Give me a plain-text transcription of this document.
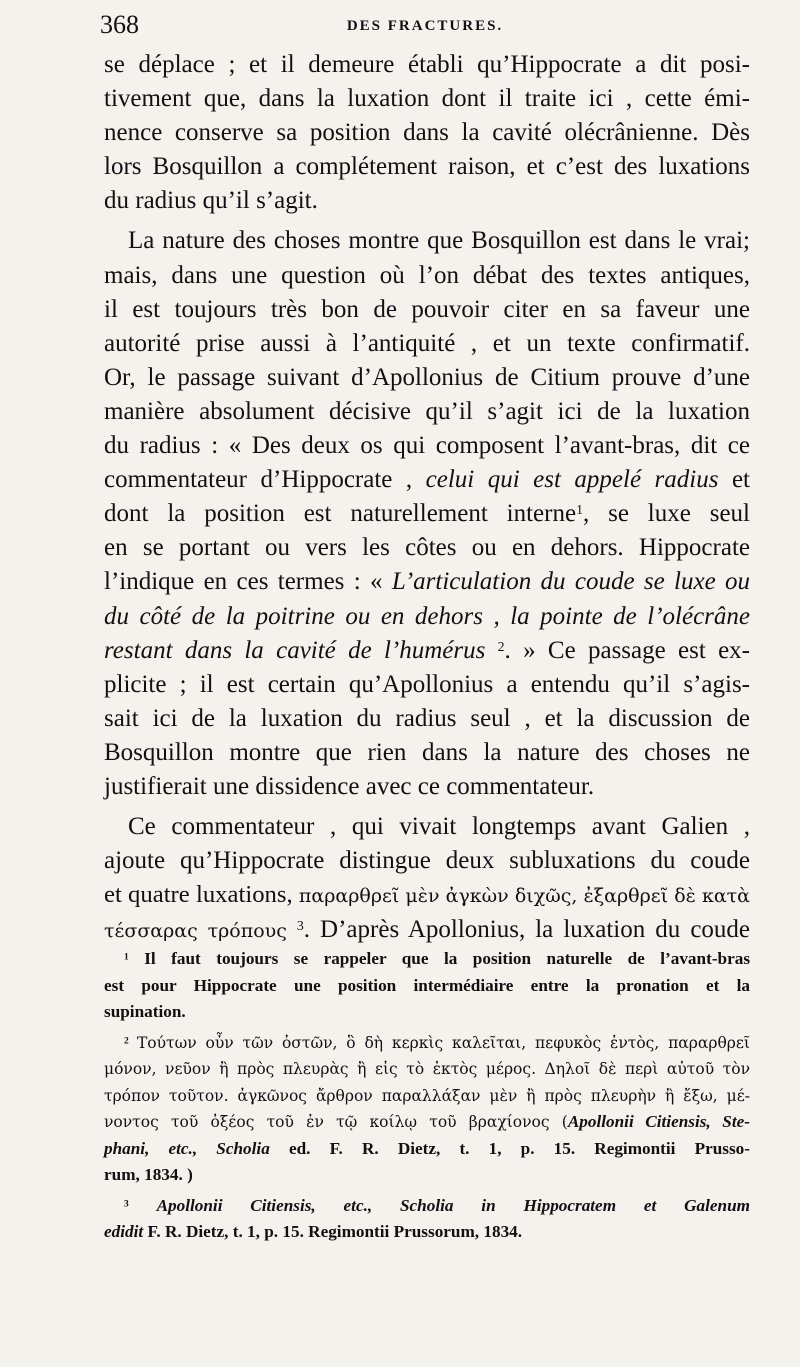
368	DES FRACTURES.
se déplace ; et il demeure établi qu’Hippocrate a dit posi-
tivement que, dans la luxation dont il traite ici , cette émi-
nence conserve sa position dans la cavité olécrânienne. Dès
lors Bosquillon a complétement raison, et c’est des luxations
du radius qu’il s’agit.
La nature des choses montre que Bosquillon est dans le vrai;
mais, dans une question où l’on débat des textes antiques,
il est toujours très bon de pouvoir citer en sa faveur une
autorité prise aussi à l’antiquité , et un texte confirmatif.
Or, le passage suivant d’Apollonius de Citium prouve d’une
manière absolument décisive qu’il s’agit ici de la luxation
du radius : « Des deux os qui composent l’avant-bras, dit ce
commentateur d’Hippocrate , celui qui est appelé radius et
dont la position est naturellement interne$^1$, se luxe seul
en se portant ou vers les côtes ou en dehors. Hippocrate
l’indique en ces termes : « L’articulation du coude se luxe ou
du côté de la poitrine ou en dehors , la pointe de l’olécrâne
restant dans la cavité de l’humérus $^2$. » Ce passage est ex-
plicite ; il est certain qu’Apollonius a entendu qu’il s’agis-
sait ici de la luxation du radius seul , et la discussion de
Bosquillon montre que rien dans la nature des choses ne
justifierait une dissidence avec ce commentateur.
Ce commentateur , qui vivait longtemps avant Galien ,
ajoute qu’Hippocrate distingue deux subluxations du coude
et quatre luxations, παραρθρεῖ μὲν ἀγκὼν διχῶς, ἐξαρθρεῖ δὲ κατὰ
τέσσαρας τρόπους $^3$. D’après Apollonius, la luxation du coude
$^1$ Il faut toujours se rappeler que la position naturelle de l’avant-bras
est pour Hippocrate une position intermédiaire entre la pronation et la
supination.
$^2$ Τούτων οὖν τῶν ὀστῶν, ὃ δὴ κερκὶς καλεῖται, πεφυκὸς ἐντὸς, παραρθρεῖ
μόνον, νεῦον ἢ πρὸς πλευρὰς ἢ εἰς τὸ ἐκτὸς μέρος. Δηλοῖ δὲ περὶ αὐτοῦ τὸν
τρόπον τοῦτον. ἀγκῶνος ἄρθρον παραλλάξαν μὲν ἢ πρὸς πλευρὴν ἢ ἔξω, μέ-
νοντος τοῦ ὀξέος τοῦ ἐν τῷ κοίλῳ τοῦ βραχίονος (Apollonii Citiensis, Ste-
phani, etc., Scholia ed. F. R. Dietz, t. 1, p. 15. Regimontii Prusso-
rum, 1834. )
$^3$ Apollonii Citiensis, etc., Scholia in Hippocratem et Galenum
edidit F. R. Dietz, t. 1, p. 15. Regimontii Prussorum, 1834.
